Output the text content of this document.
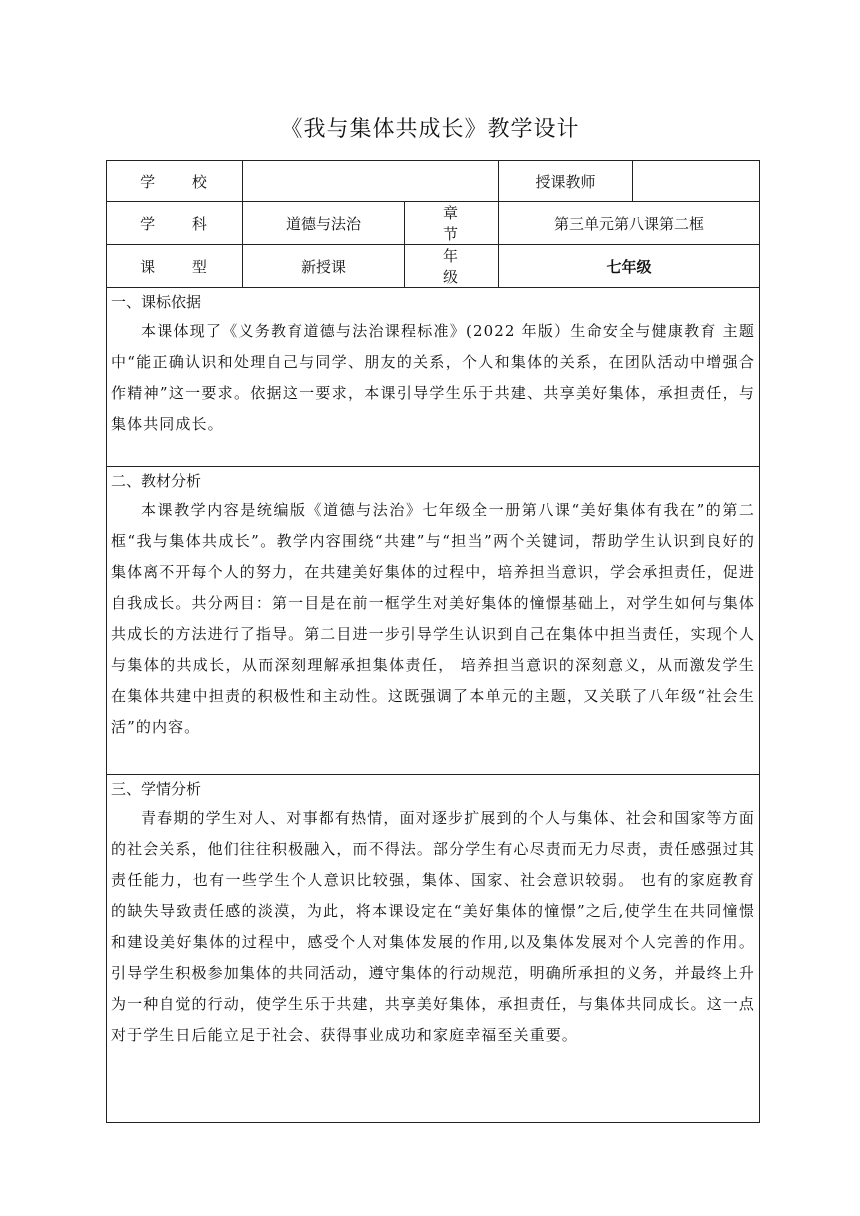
《我与集体共成长》教学设计
学 校			授课教师	
学 科	道德与法治	章 节	第三单元第八课第二框	
课 型	新授课	年 级	七年级	

一、课标依据

本课体现了《义务教育道德与法治课程标准》(2022 年版）生命安全与健康教育 主题中“能正确认识和处理自己与同学、朋友的关系，个人和集体的关系，在团队活动中增强合作精神”这一要求。依据这一要求，本课引导学生乐于共建、共享美好集体，承担责任，与集体共同成长。				

二、教材分析

本课教学内容是统编版《道德与法治》七年级全一册第八课“美好集体有我在”的第二框“我与集体共成长”。教学内容围绕“共建”与“担当”两个关键词，帮助学生认识到良好的集体离不开每个人的努力，在共建美好集体的过程中，培养担当意识，学会承担责任，促进自我成长。共分两目：第一目是在前一框学生对美好集体的憧憬基础上，对学生如何与集体共成长的方法进行了指导。第二目进一步引导学生认识到自己在集体中担当责任，实现个人与集体的共成长，从而深刻理解承担集体责任， 培养担当意识的深刻意义，从而激发学生在集体共建中担责的积极性和主动性。这既强调了本单元的主题，又关联了八年级“社会生活”的内容。				

三、学情分析

青春期的学生对人、对事都有热情，面对逐步扩展到的个人与集体、社会和国家等方面的社会关系，他们往往积极融入，而不得法。部分学生有心尽责而无力尽责，责任感强过其责任能力，也有一些学生个人意识比较强，集体、国家、社会意识较弱。 也有的家庭教育的缺失导致责任感的淡漠，为此，将本课设定在“美好集体的憧憬”之后,使学生在共同憧憬和建设美好集体的过程中，感受个人对集体发展的作用,以及集体发展对个人完善的作用。引导学生积极参加集体的共同活动，遵守集体的行动规范，明确所承担的义务，并最终上升为一种自觉的行动，使学生乐于共建，共享美好集体，承担责任，与集体共同成长。这一点对于学生日后能立足于社会、获得事业成功和家庭幸福至关重要。				
